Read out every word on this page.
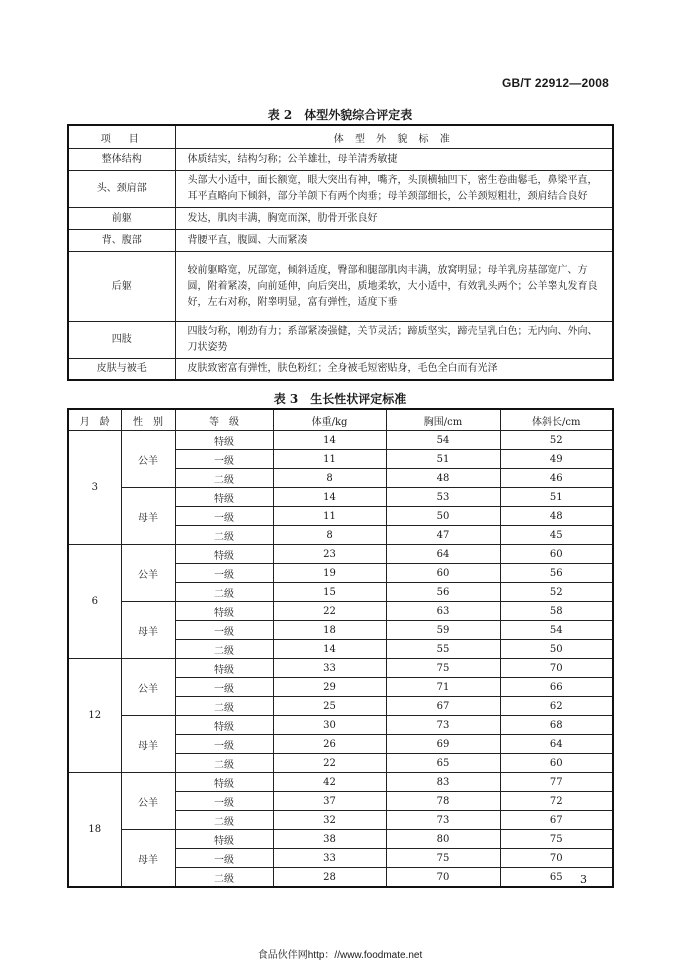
GB/T 22912—2008
表 2　体型外貌综合评定表
项　目	体 型 外 貌 标 准
整体结构	体质结实，结构匀称；公羊雄壮，母羊清秀敏捷
头、颈肩部	头部大小适中，面长额宽，眼大突出有神，嘴齐，头顶横轴凹下，密生卷曲鬈毛，鼻梁平直，耳平直略向下倾斜，部分羊颌下有两个肉垂；母羊颈部细长，公羊颈短粗壮，颈肩结合良好
前躯	发达，肌肉丰满，胸宽而深，肋骨开张良好
背、腹部	背腰平直，腹圆、大而紧凑
后躯	较前躯略宽，尻部宽，倾斜适度，臀部和腿部肌肉丰满，放窝明显；母羊乳房基部宽广、方圆，附着紧凑，向前延伸，向后突出，质地柔软，大小适中，有效乳头两个；公羊睾丸发育良好，左右对称，附睾明显，富有弹性，适度下垂
四肢	四肢匀称，刚劲有力；系部紧凑强健，关节灵活；蹄质坚实，蹄壳呈乳白色；无内向、外向、刀状姿势
皮肤与被毛	皮肤致密富有弹性，肤色粉红；全身被毛短密贴身，毛色全白而有光泽
表 3　生长性状评定标准
月　龄	性　别	等　级	体重/kg	胸围/cm	体斜长/cm
3	公羊	特级	14	54	52
		一级	11	51	49
		二级	8	48	46
	母羊	特级	14	53	51
		一级	11	50	48
		二级	8	47	45
6	公羊	特级	23	64	60
		一级	19	60	56
		二级	15	56	52
	母羊	特级	22	63	58
		一级	18	59	54
		二级	14	55	50
12	公羊	特级	33	75	70
		一级	29	71	66
		二级	25	67	62
	母羊	特级	30	73	68
		一级	26	69	64
		二级	22	65	60
18	公羊	特级	42	83	77
		一级	37	78	72
		二级	32	73	67
	母羊	特级	38	80	75
		一级	33	75	70
		二级	28	70	65 3
食品伙伴网http：//www.foodmate.net
